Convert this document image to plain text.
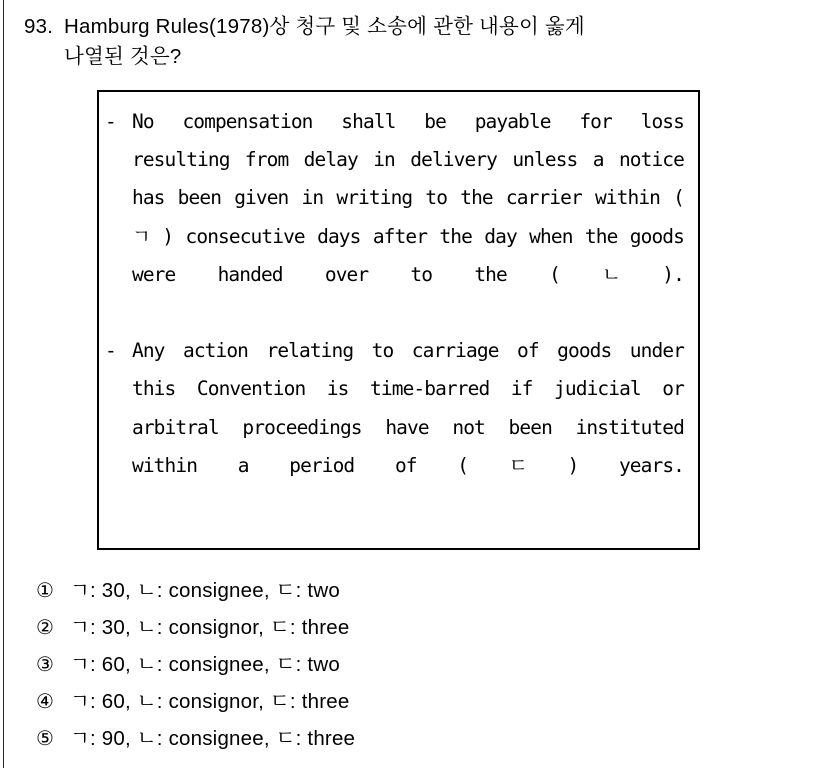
93. Hamburg Rules(1978)상 청구 및 소송에 관한 내용이 옳게
나열된 것은?
- No compensation shall be payable for loss resulting from delay in delivery unless a notice has been given in writing to the carrier within ( ㄱ ) consecutive days after the day when the goods were handed over to the ( ㄴ ).
- Any action relating to carriage of goods under this Convention is time-barred if judicial or arbitral proceedings have not been instituted within a period of ( ㄷ ) years.
① ㄱ: 30, ㄴ: consignee, ㄷ: two
② ㄱ: 30, ㄴ: consignor, ㄷ: three
③ ㄱ: 60, ㄴ: consignee, ㄷ: two
④ ㄱ: 60, ㄴ: consignor, ㄷ: three
⑤ ㄱ: 90, ㄴ: consignee, ㄷ: three
